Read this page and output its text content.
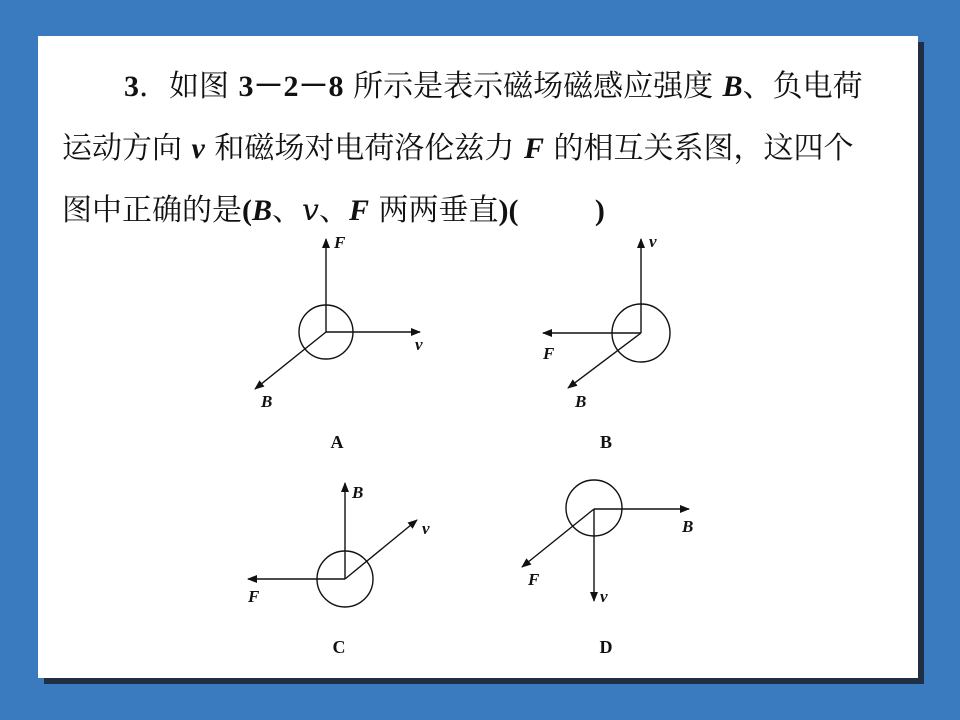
3．如图 3－2－8 所示是表示磁场磁感应强度 B、负电荷
运动方向 v 和磁场对电荷洛伦兹力 F 的相互关系图，这四个
图中正确的是(B、v、F 两两垂直)(	)
F
v
B
v
F
B
B
v
F
B
F
v
A	B
C	D
